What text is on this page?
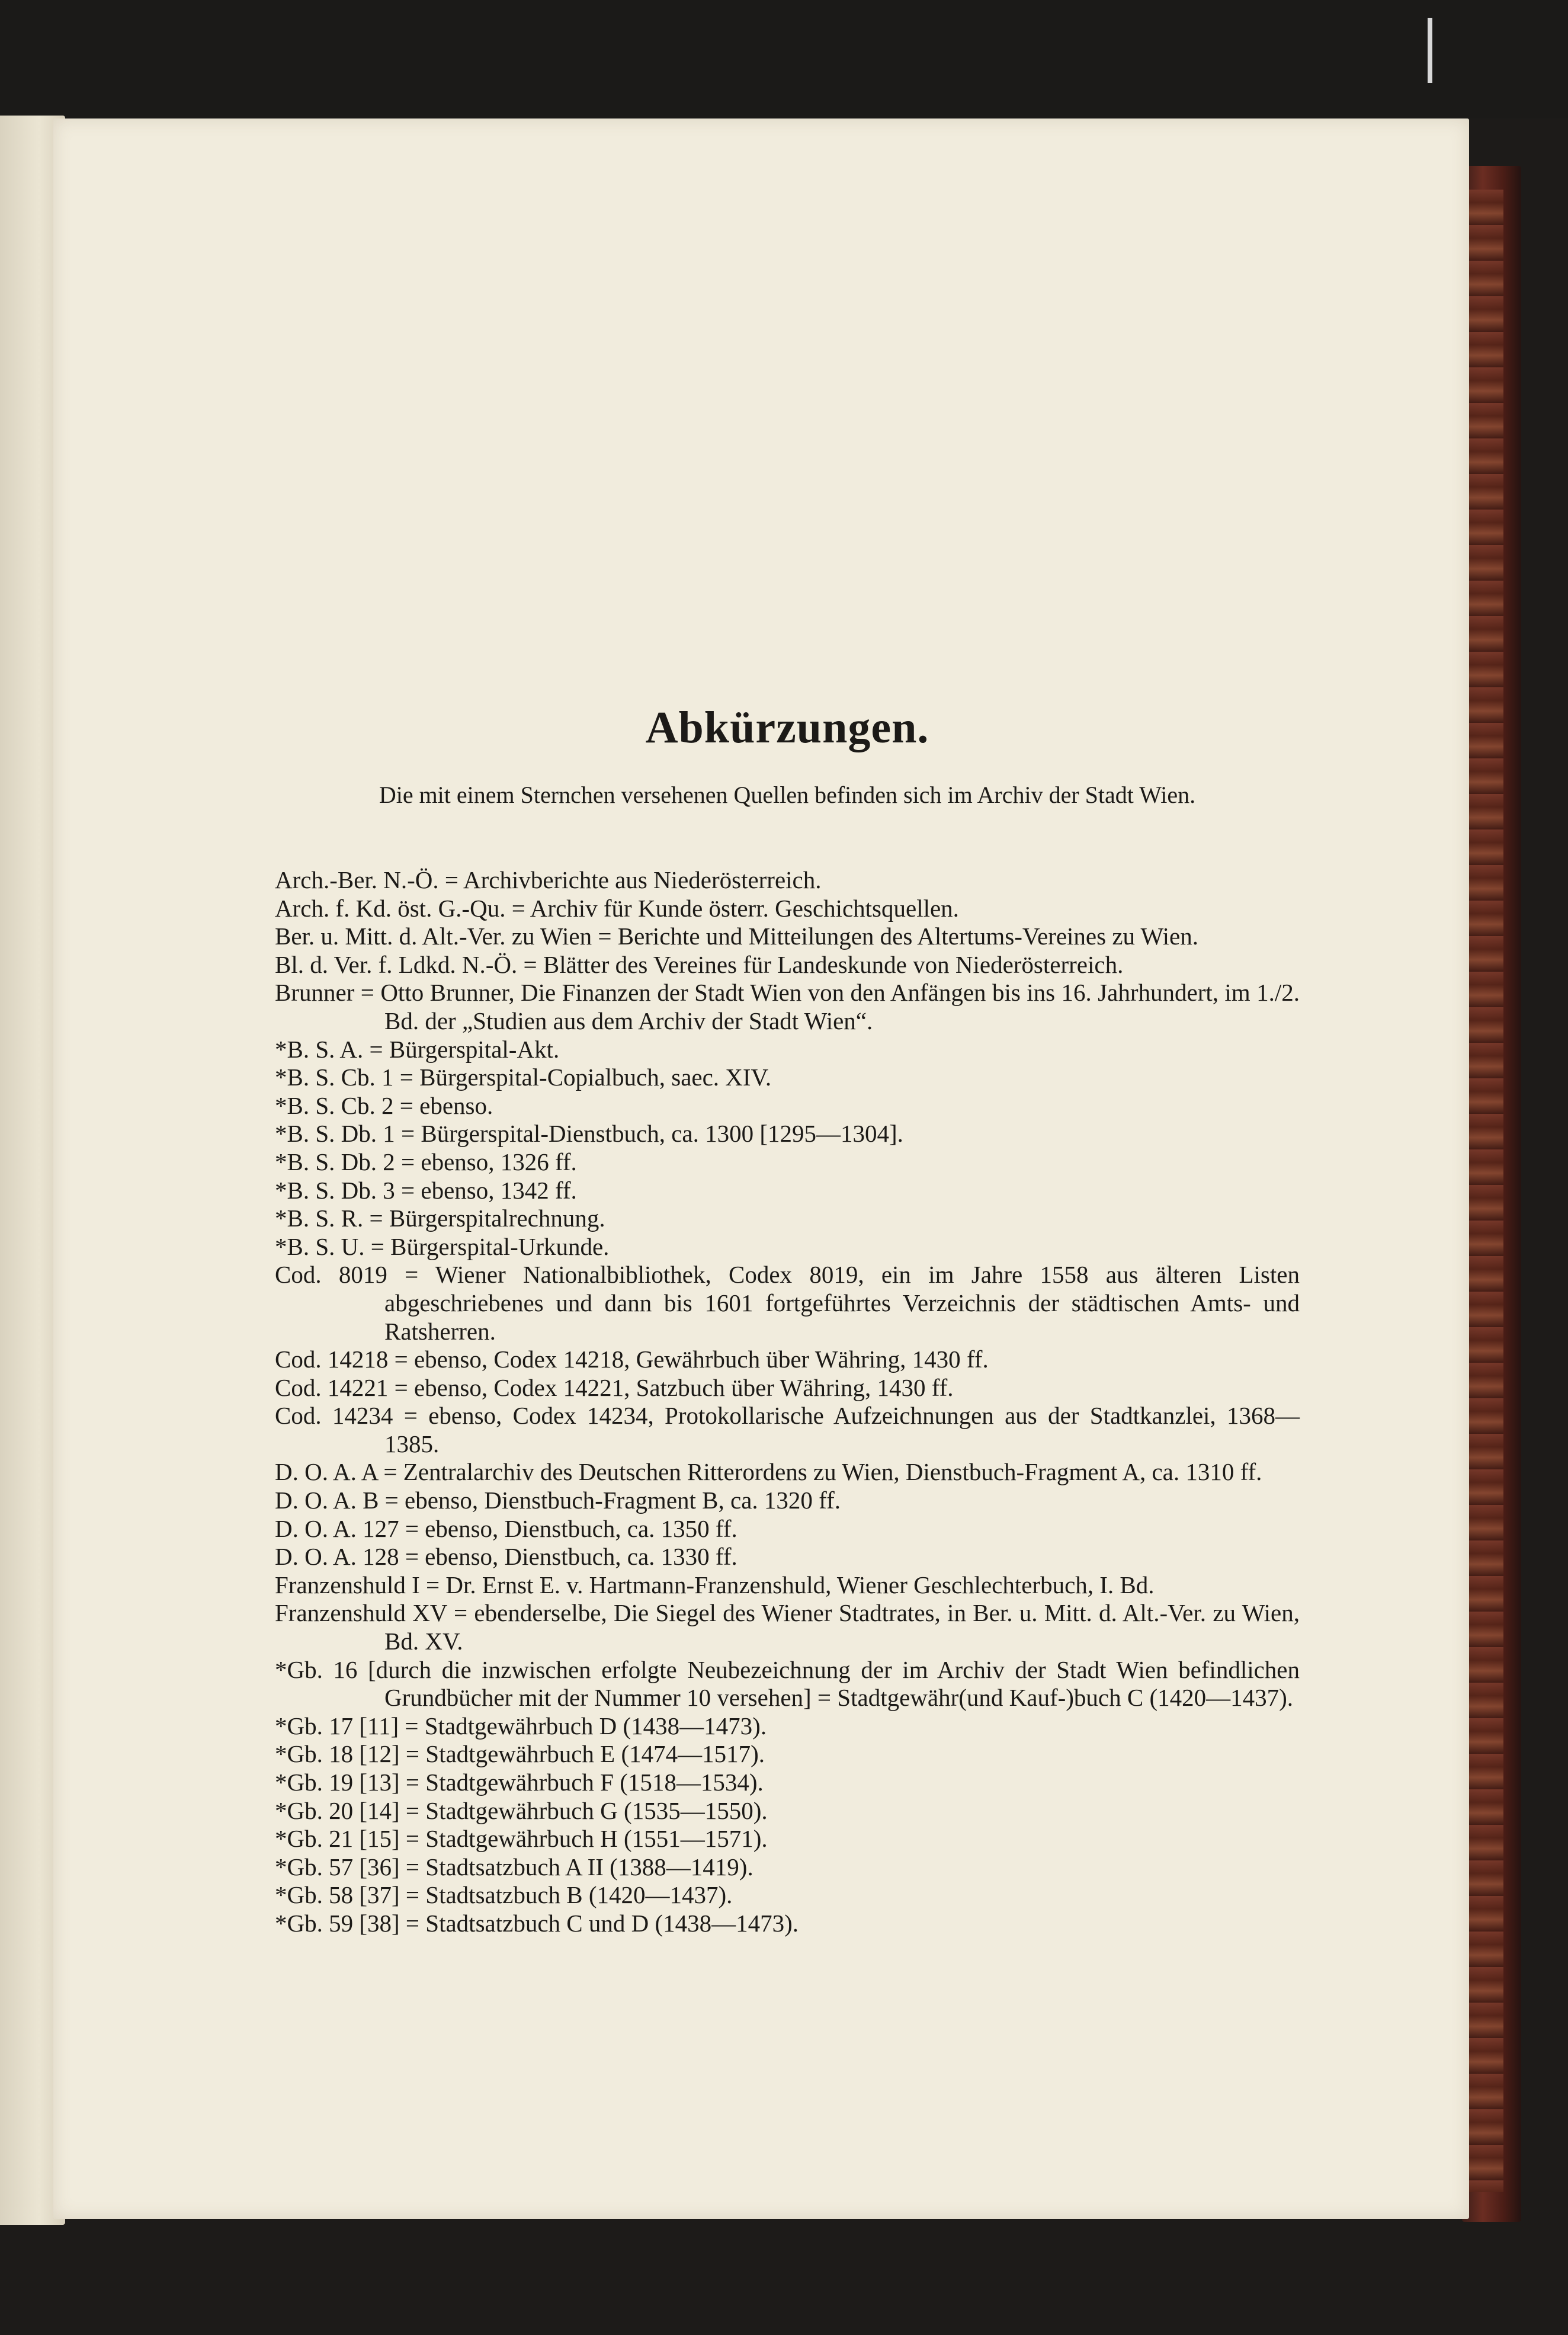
Abkürzungen.
Die mit einem Sternchen versehenen Quellen befinden sich im Archiv der Stadt Wien.
Arch.-Ber. N.-Ö. = Archivberichte aus Niederösterreich.
Arch. f. Kd. öst. G.-Qu. = Archiv für Kunde österr. Geschichtsquellen.
Ber. u. Mitt. d. Alt.-Ver. zu Wien = Berichte und Mitteilungen des Altertums-Vereines zu Wien.
Bl. d. Ver. f. Ldkd. N.-Ö. = Blätter des Vereines für Landeskunde von Niederösterreich.
Brunner = Otto Brunner, Die Finanzen der Stadt Wien von den Anfängen bis ins 16. Jahrhundert, im 1./2. Bd. der „Studien aus dem Archiv der Stadt Wien“.
*B. S. A. = Bürgerspital-Akt.
*B. S. Cb. 1 = Bürgerspital-Copialbuch, saec. XIV.
*B. S. Cb. 2 = ebenso.
*B. S. Db. 1 = Bürgerspital-Dienstbuch, ca. 1300 [1295—1304].
*B. S. Db. 2 = ebenso, 1326 ff.
*B. S. Db. 3 = ebenso, 1342 ff.
*B. S. R. = Bürgerspitalrechnung.
*B. S. U. = Bürgerspital-Urkunde.
Cod. 8019 = Wiener Nationalbibliothek, Codex 8019, ein im Jahre 1558 aus älteren Listen abgeschriebenes und dann bis 1601 fortgeführtes Verzeichnis der städtischen Amts- und Ratsherren.
Cod. 14218 = ebenso, Codex 14218, Gewährbuch über Währing, 1430 ff.
Cod. 14221 = ebenso, Codex 14221, Satzbuch über Währing, 1430 ff.
Cod. 14234 = ebenso, Codex 14234, Protokollarische Aufzeichnungen aus der Stadtkanzlei, 1368—1385.
D. O. A. A = Zentralarchiv des Deutschen Ritterordens zu Wien, Dienstbuch-Fragment A, ca. 1310 ff.
D. O. A. B = ebenso, Dienstbuch-Fragment B, ca. 1320 ff.
D. O. A. 127 = ebenso, Dienstbuch, ca. 1350 ff.
D. O. A. 128 = ebenso, Dienstbuch, ca. 1330 ff.
Franzenshuld I = Dr. Ernst E. v. Hartmann-Franzenshuld, Wiener Geschlechterbuch, I. Bd.
Franzenshuld XV = ebenderselbe, Die Siegel des Wiener Stadtrates, in Ber. u. Mitt. d. Alt.-Ver. zu Wien, Bd. XV.
*Gb. 16 [durch die inzwischen erfolgte Neubezeichnung der im Archiv der Stadt Wien befindlichen Grundbücher mit der Nummer 10 versehen] = Stadtgewähr(und Kauf-)buch C (1420—1437).
*Gb. 17 [11] = Stadtgewährbuch D (1438—1473).
*Gb. 18 [12] = Stadtgewährbuch E (1474—1517).
*Gb. 19 [13] = Stadtgewährbuch F (1518—1534).
*Gb. 20 [14] = Stadtgewährbuch G (1535—1550).
*Gb. 21 [15] = Stadtgewährbuch H (1551—1571).
*Gb. 57 [36] = Stadtsatzbuch A II (1388—1419).
*Gb. 58 [37] = Stadtsatzbuch B (1420—1437).
*Gb. 59 [38] = Stadtsatzbuch C und D (1438—1473).
